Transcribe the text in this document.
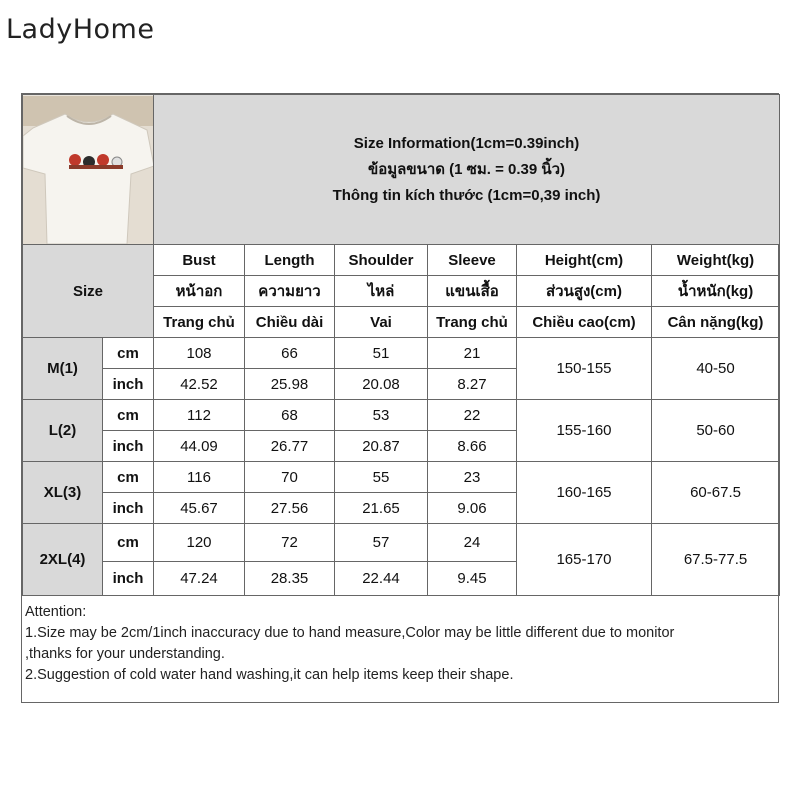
LadyHome

Size Information(1cm=0.39inch)
ข้อมูลขนาด (1 ซม. = 0.39 นิ้ว)
Thông tin kích thước (1cm=0,39 inch)					

Size		Bust	Length	Shoulder	Sleeve	Height(cm)	Weight(kg)
		หน้าอก	ความยาว	ไหล่	แขนเสื้อ	ส่วนสูง(cm)	น้ำหนัก(kg)
		Trang chủ	Chiều dài	Vai	Trang chủ	Chiều cao(cm)	Cân nặng(kg)
M(1)	cm	108	66	51	21	150-155	40-50
	inch	42.52	25.98	20.08	8.27		
L(2)	cm	112	68	53	22	155-160	50-60
	inch	44.09	26.77	20.87	8.66		
XL(3)	cm	116	70	55	23	160-165	60-67.5
	inch	45.67	27.56	21.65	9.06		
2XL(4)	cm	120	72	57	24	165-170	67.5-77.5
	inch	47.24	28.35	22.44	9.45		
Attention:
1.Size may be 2cm/1inch inaccuracy due to hand measure,Color may be little different due to monitor
,thanks for your understanding.
2.Suggestion of cold water hand washing,it can help items keep their shape.
